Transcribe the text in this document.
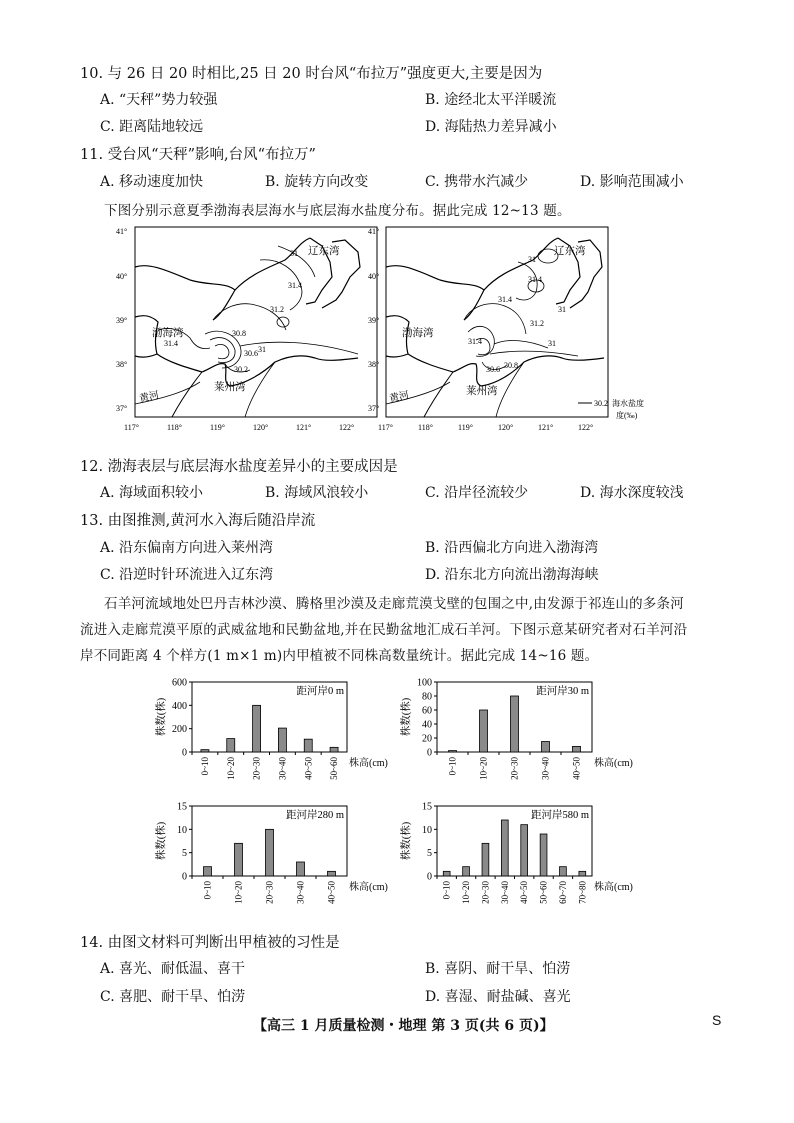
10. 与 26 日 20 时相比,25 日 20 时台风“布拉万”强度更大,主要是因为
A. “天秤”势力较强	B. 途经北太平洋暖流
C. 距离陆地较远	D. 海陆热力差异减小
11. 受台风“天秤”影响,台风“布拉万”
A. 移动速度加快	B. 旋转方向改变	C. 携带水汽减少	D. 影响范围减小
下图分别示意夏季渤海表层海水与底层海水盐度分布。据此完成 12~13 题。
31
31.4
31.2
31.4
30.8
30.6 31
30.2
辽东湾
渤海湾
莱州湾
黄河
41°
40°
39°
38°
37°
117°	118°	119°	120°	121°	122°
31
31.4
31.4
31.2
31.4
30.6 30.8
31
31
辽东湾
渤海湾
莱州湾
黄河
41°
40°
39°
38°
37°
117°	118°	119°	120°	121°	122°
30.2 海水盐度
度(‰)
12. 渤海表层与底层海水盐度差异小的主要成因是
A. 海域面积较小	B. 海域风浪较小	C. 沿岸径流较少	D. 海水深度较浅
13. 由图推测,黄河水入海后随沿岸流
A. 沿东偏南方向进入莱州湾	B. 沿西偏北方向进入渤海湾
C. 沿逆时针环流进入辽东湾	D. 沿东北方向流出渤海海峡
石羊河流域地处巴丹吉林沙漠、腾格里沙漠及走廊荒漠戈壁的包围之中,由发源于祁连山的多条河
流进入走廊荒漠平原的武威盆地和民勤盆地,并在民勤盆地汇成石羊河。下图示意某研究者对石羊河沿
岸不同距离 4 个样方(1 m×1 m)内甲植被不同株高数量统计。据此完成 14~16 题。
0
200
400
600
株数(株)
0~10 10~20 20~30 30~40 40~50 50~60 株高(cm)
距河岸0 m
0
20
40
60
80
100
株数(株)
0~10 10~20 20~30 30~40 40~50 株高(cm)
距河岸30 m
0
5
10
15
株数(株)
0~10 10~20 20~30 30~40 40~50 株高(cm)
距河岸280 m
0
5
10
15
株数(株)
0~10 10~20 20~30 30~40 40~50 50~60 60~70 70~80 株高(cm)
距河岸580 m
14. 由图文材料可判断出甲植被的习性是
A. 喜光、耐低温、喜干	B. 喜阴、耐干旱、怕涝
C. 喜肥、耐干旱、怕涝	D. 喜湿、耐盐碱、喜光
【高三 1 月质量检测・地理 第 3 页(共 6 页)】	S
